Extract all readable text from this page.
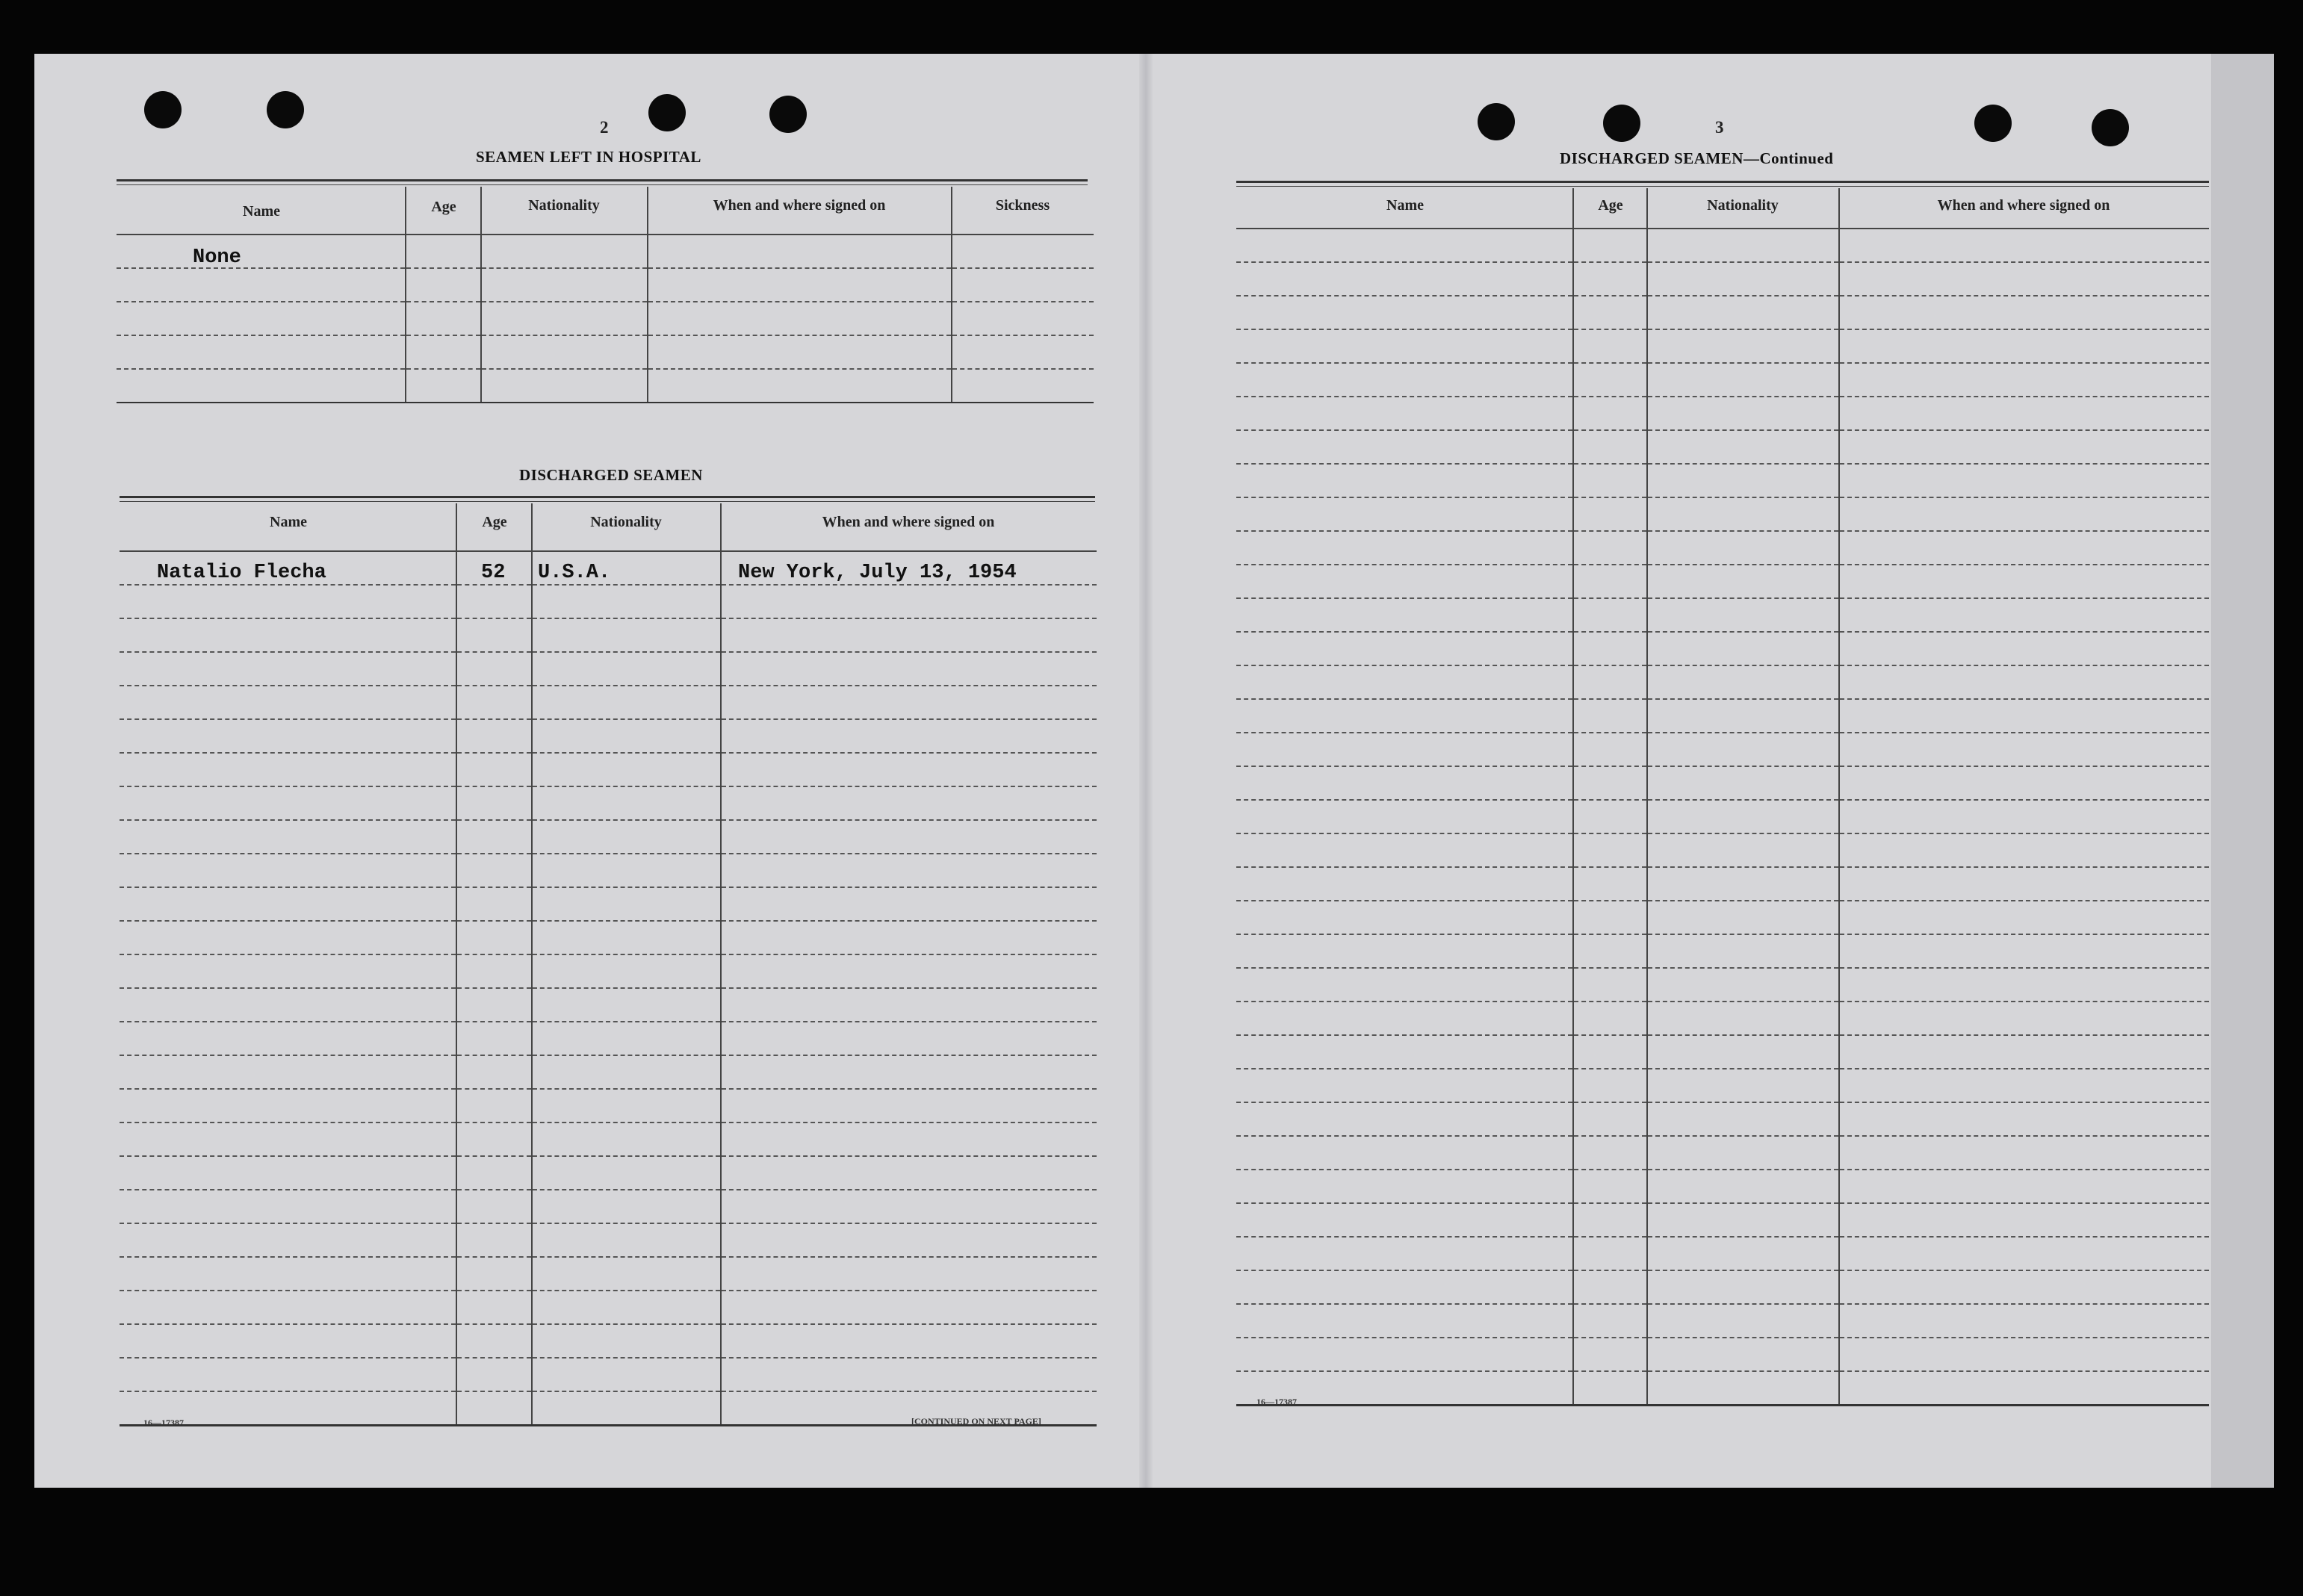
2
SEAMEN LEFT IN HOSPITAL

Name	Age	Nationality	When and where signed on	Sickness
None
DISCHARGED SEAMEN

Name	Age	Nationality	When and where signed on
Natalio Flecha	52 U.S.A.	New York, July 13, 1954
16—17387	[CONTINUED ON NEXT PAGE]
3
DISCHARGED SEAMEN—Continued

Name	Age	Nationality	When and where signed on
16—17387
